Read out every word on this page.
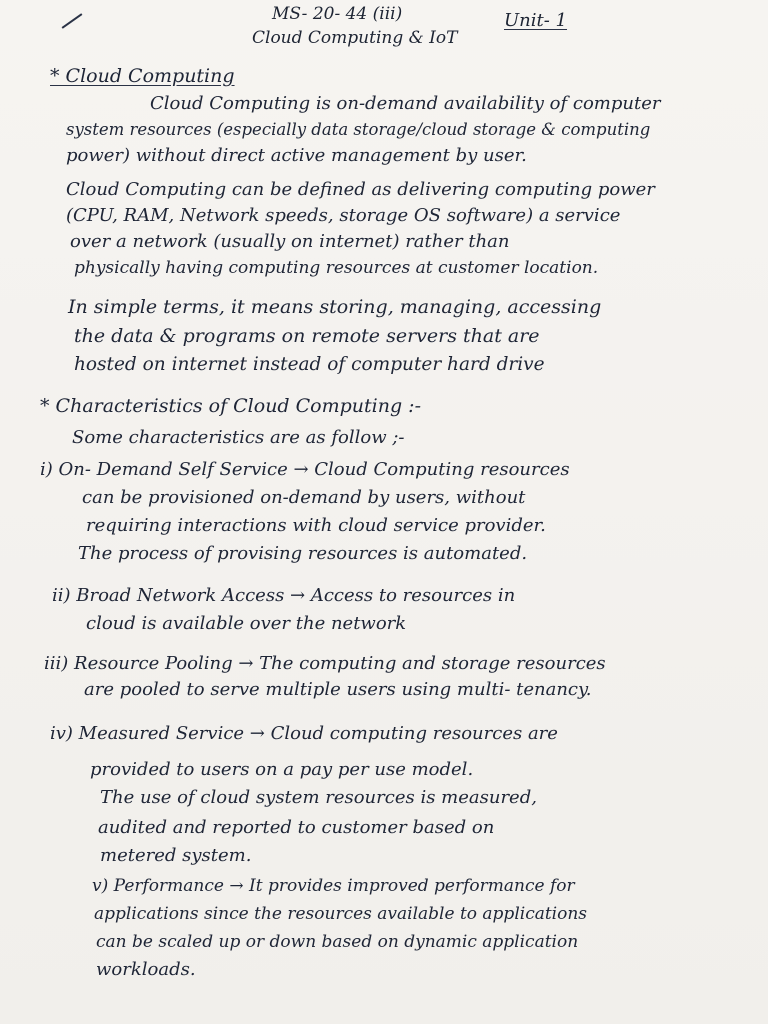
MS- 20- 44 (iii)	Unit- 1
Cloud Computing & IoT
* Cloud Computing
Cloud Computing is on-demand availability of computer
system resources (especially data storage/cloud storage & computing
power) without direct active management by user.
Cloud Computing can be defined as delivering computing power
(CPU, RAM, Network speeds, storage OS software) a service
over a network (usually on internet) rather than
physically having computing resources at customer location.
In simple terms, it means storing, managing, accessing
the data & programs on remote servers that are
hosted on internet instead of computer hard drive
* Characteristics of Cloud Computing :-
Some characteristics are as follow ;-
i) On- Demand Self Service → Cloud Computing resources
can be provisioned on-demand by users, without
requiring interactions with cloud service provider.
The process of provising resources is automated.
ii) Broad Network Access → Access to resources in
cloud is available over the network
iii) Resource Pooling → The computing and storage resources
are pooled to serve multiple users using multi- tenancy.
iv) Measured Service → Cloud computing resources are
provided to users on a pay per use model.
The use of cloud system resources is measured,
audited and reported to customer based on
metered system.
v) Performance → It provides improved performance for
applications since the resources available to applications
can be scaled up or down based on dynamic application
workloads.
